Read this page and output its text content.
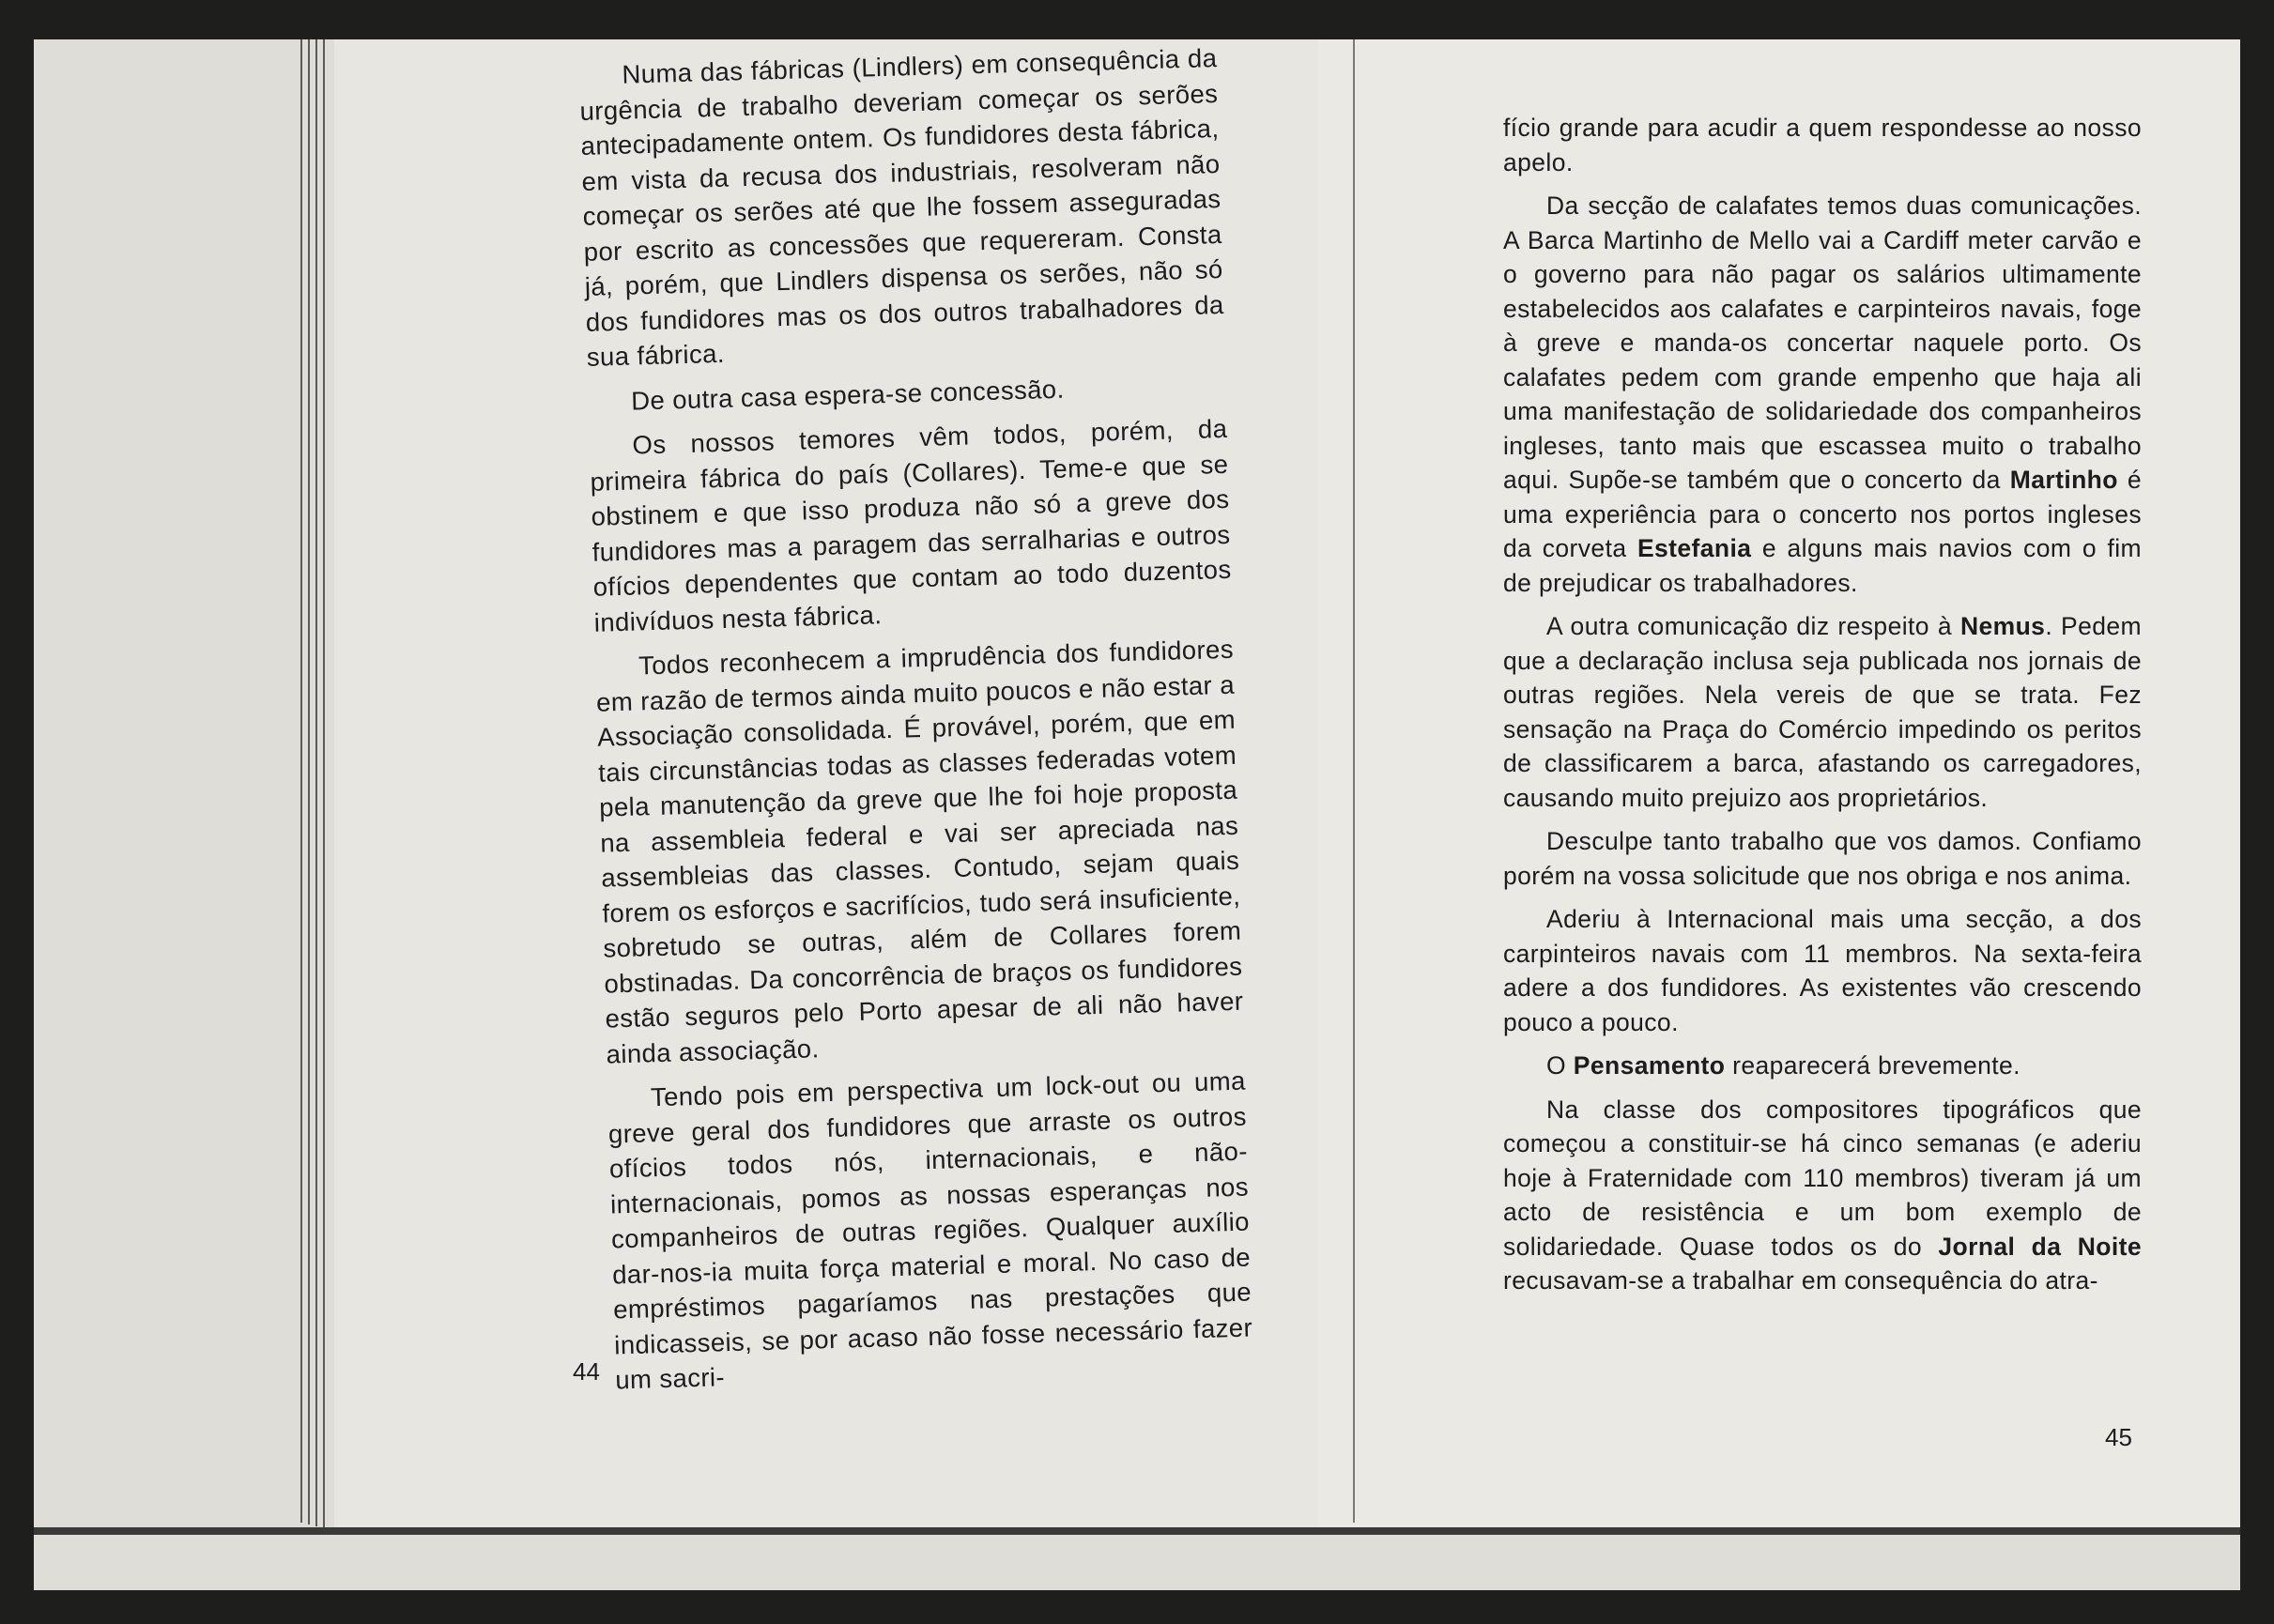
Numa das fábricas (Lindlers) em consequência da urgência de trabalho deveriam começar os serões antecipadamente ontem. Os fundidores desta fábrica, em vista da recusa dos industriais, resolveram não começar os serões até que lhe fossem asseguradas por escrito as concessões que requereram. Consta já, porém, que Lindlers dispensa os serões, não só dos fundidores mas os dos outros trabalhadores da sua fábrica.

De outra casa espera-se concessão.

Os nossos temores vêm todos, porém, da primeira fábrica do país (Collares). Teme-e que se obstinem e que isso produza não só a greve dos fundidores mas a paragem das serralharias e outros ofícios dependentes que contam ao todo duzentos indivíduos nesta fábrica.

Todos reconhecem a imprudência dos fundidores em razão de termos ainda muito poucos e não estar a Associação consolidada. É provável, porém, que em tais circunstâncias todas as classes federadas votem pela manutenção da greve que lhe foi hoje proposta na assembleia federal e vai ser apreciada nas assembleias das classes. Contudo, sejam quais forem os esforços e sacrifícios, tudo será insuficiente, sobretudo se outras, além de Collares forem obstinadas. Da concorrência de braços os fundidores estão seguros pelo Porto apesar de ali não haver ainda associação.

Tendo pois em perspectiva um lock-out ou uma greve geral dos fundidores que arraste os outros ofícios todos nós, internacionais, e não-internacionais, pomos as nossas esperanças nos companheiros de outras regiões. Qualquer auxílio dar-nos-ia muita força material e moral. No caso de empréstimos pagaríamos nas prestações que indicasseis, se por acaso não fosse necessário fazer um sacri-

44

fício grande para acudir a quem respondesse ao nosso apelo.

Da secção de calafates temos duas comunicações. A Barca Martinho de Mello vai a Cardiff meter carvão e o governo para não pagar os salários ultimamente estabelecidos aos calafates e carpinteiros navais, foge à greve e manda-os concertar naquele porto. Os calafates pedem com grande empenho que haja ali uma manifestação de solidariedade dos companheiros ingleses, tanto mais que escassea muito o trabalho aqui. Supõe-se também que o concerto da Martinho é uma experiência para o concerto nos portos ingleses da corveta Estefania e alguns mais navios com o fim de prejudicar os trabalhadores.

A outra comunicação diz respeito à Nemus. Pedem que a declaração inclusa seja publicada nos jornais de outras regiões. Nela vereis de que se trata. Fez sensação na Praça do Comércio impedindo os peritos de classificarem a barca, afastando os carregadores, causando muito prejuizo aos proprietários.

Desculpe tanto trabalho que vos damos. Confiamo porém na vossa solicitude que nos obriga e nos anima.

Aderiu à Internacional mais uma secção, a dos carpinteiros navais com 11 membros. Na sexta-feira adere a dos fundidores. As existentes vão crescendo pouco a pouco.

O Pensamento reaparecerá brevemente.

Na classe dos compositores tipográficos que começou a constituir-se há cinco semanas (e aderiu hoje à Fraternidade com 110 membros) tiveram já um acto de resistência e um bom exemplo de solidariedade. Quase todos os do Jornal da Noite recusavam-se a trabalhar em consequência do atra-

45
